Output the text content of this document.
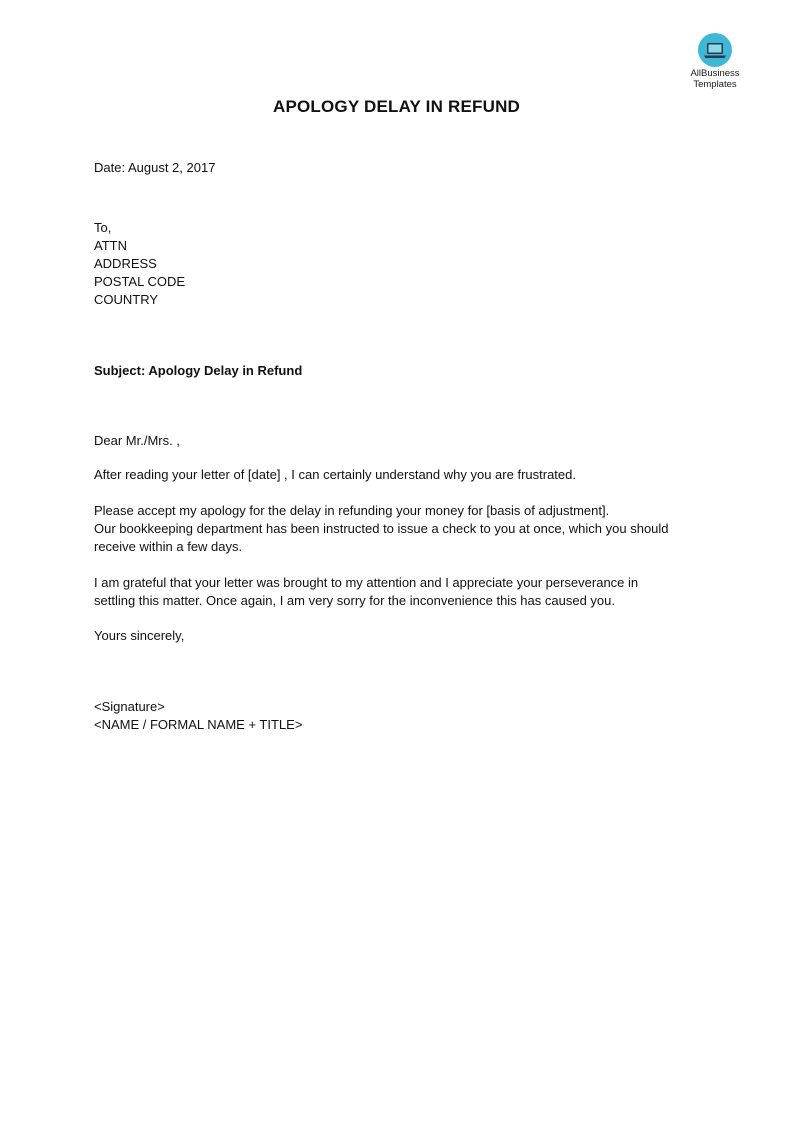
AllBusiness
Templates
APOLOGY DELAY IN REFUND
Date: August 2, 2017
To,
ATTN
ADDRESS
POSTAL CODE
COUNTRY
Subject: Apology Delay in Refund
Dear Mr./Mrs. ,
After reading your letter of [date] , I can certainly understand why you are frustrated.
Please accept my apology for the delay in refunding your money for [basis of adjustment].
Our bookkeeping department has been instructed to issue a check to you at once, which you should
receive within a few days.
I am grateful that your letter was brought to my attention and I appreciate your perseverance in
settling this matter. Once again, I am very sorry for the inconvenience this has caused you.
Yours sincerely,
<Signature>
<NAME / FORMAL NAME + TITLE>
